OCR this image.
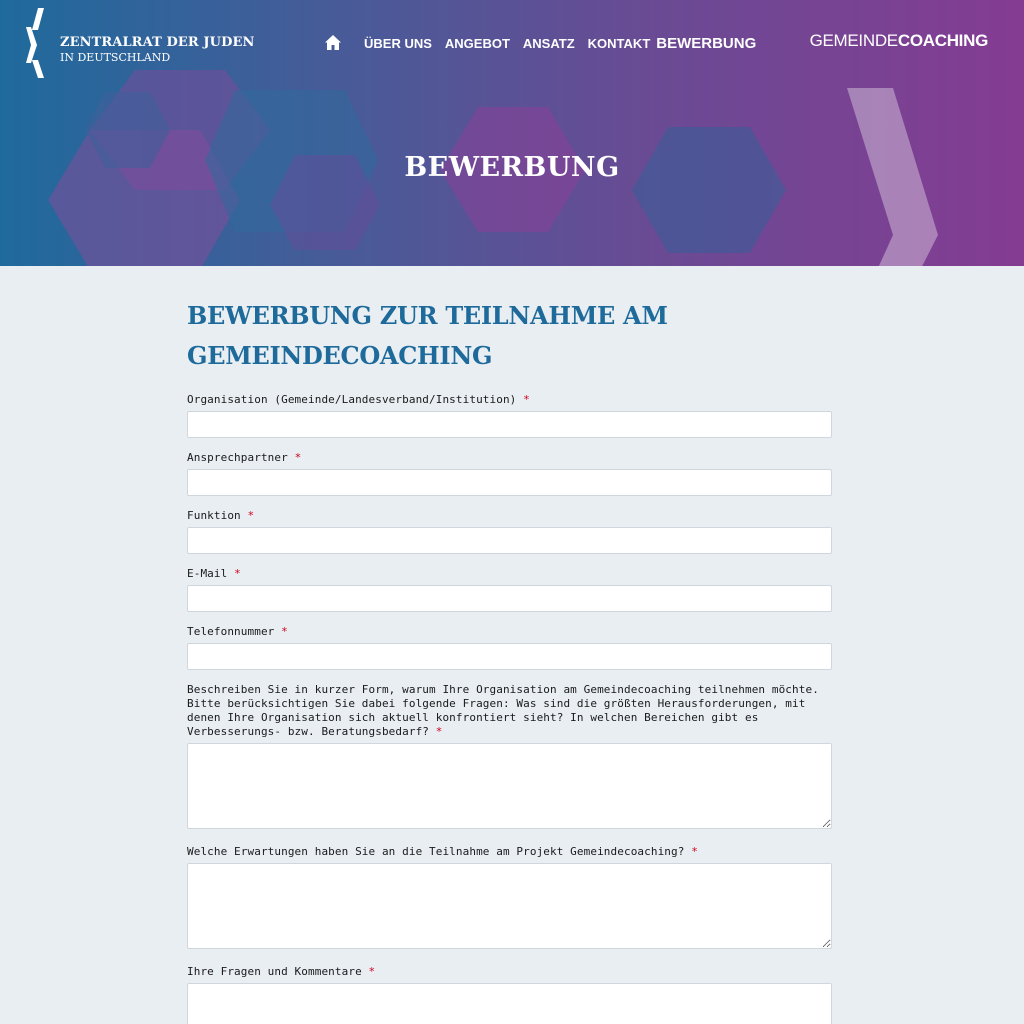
ZENTRALRAT DER JUDEN
IN DEUTSCHLAND
ÜBER UNS ANGEBOT ANSATZ KONTAKT BEWERBUNG	GEMEINDECOACHING
BEWERBUNG
BEWERBUNG ZUR TEILNAHME AM
GEMEINDECOACHING
Organisation (Gemeinde/Landesverband/Institution) *
Ansprechpartner *
Funktion *
E-Mail *
Telefonnummer *
Beschreiben Sie in kurzer Form, warum Ihre Organisation am Gemeindecoaching teilnehmen möchte. Bitte berücksichtigen Sie dabei folgende Fragen: Was sind die größten Herausforderungen, mit denen Ihre Organisation sich aktuell konfrontiert sieht? In welchen Bereichen gibt es Verbesserungs- bzw. Beratungsbedarf? *
Welche Erwartungen haben Sie an die Teilnahme am Projekt Gemeindecoaching? *
Ihre Fragen und Kommentare *
